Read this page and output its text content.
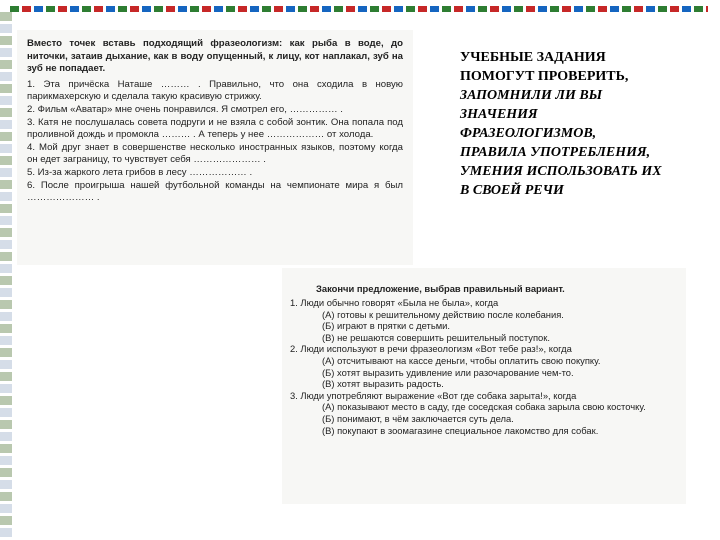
Вместо точек вставь подходящий фразеологизм: как рыба в воде, до ниточки, затаив дыхание, как в воду опущенный, к лицу, кот наплакал, зуб на зуб не попадает.

1. Эта причёска Наташе ……… . Правильно, что она сходила в новую парикмахерскую и сделала такую красивую стрижку.

2. Фильм «Аватар» мне очень понравился. Я смотрел его, …………… .

3. Катя не послушалась совета подруги и не взяла с собой зонтик. Она попала под проливной дождь и промокла ……… . А теперь у нее ……………… от холода.

4. Мой друг знает в совершенстве несколько иностранных языков, поэтому когда он едет заграницу, то чувствует себя ………………… .

5. Из-за жаркого лета грибов в лесу ……………… .

6. После проигрыша нашей футбольной команды на чемпионате мира я был ………………… .

УЧЕБНЫЕ ЗАДАНИЯ
ПОМОГУТ ПРОВЕРИТЬ,
ЗАПОМНИЛИ ЛИ ВЫ
ЗНАЧЕНИЯ
ФРАЗЕОЛОГИЗМОВ,
ПРАВИЛА УПОТРЕБЛЕНИЯ,
УМЕНИЯ ИСПОЛЬЗОВАТЬ ИХ
В СВОЕЙ РЕЧИ

Закончи предложение, выбрав правильный вариант.

1. Люди обычно говорят «Была не была», когда

(А) готовы к решительному действию после колебания.

(Б) играют в прятки с детьми.

(В) не решаются совершить решительный поступок.

2. Люди используют в речи фразеологизм «Вот тебе раз!», когда

(А) отсчитывают на кассе деньги, чтобы оплатить свою покупку.

(Б) хотят выразить удивление или разочарование чем-то.

(В) хотят выразить радость.

3. Люди употребляют выражение «Вот где собака зарыта!», когда

(А) показывают место в саду, где соседская собака зарыла свою косточку.

(Б) понимают, в чём заключается суть дела.

(В) покупают в зоомагазине специальное лакомство для собак.
